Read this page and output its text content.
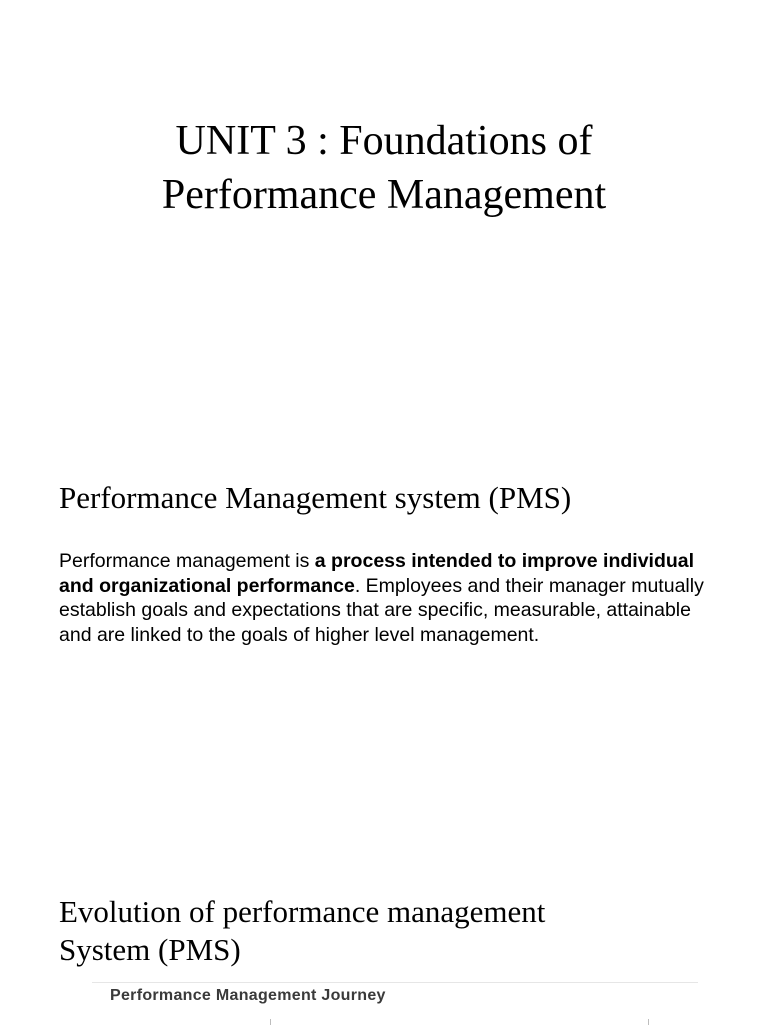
UNIT 3 : Foundations of
Performance Management
Performance Management system (PMS)

Performance management is a process intended to improve individual and organizational performance. Employees and their manager mutually establish goals and expectations that are specific, measurable, attainable and are linked to the goals of higher level management.

Evolution of performance management
System (PMS)
Performance Management Journey
